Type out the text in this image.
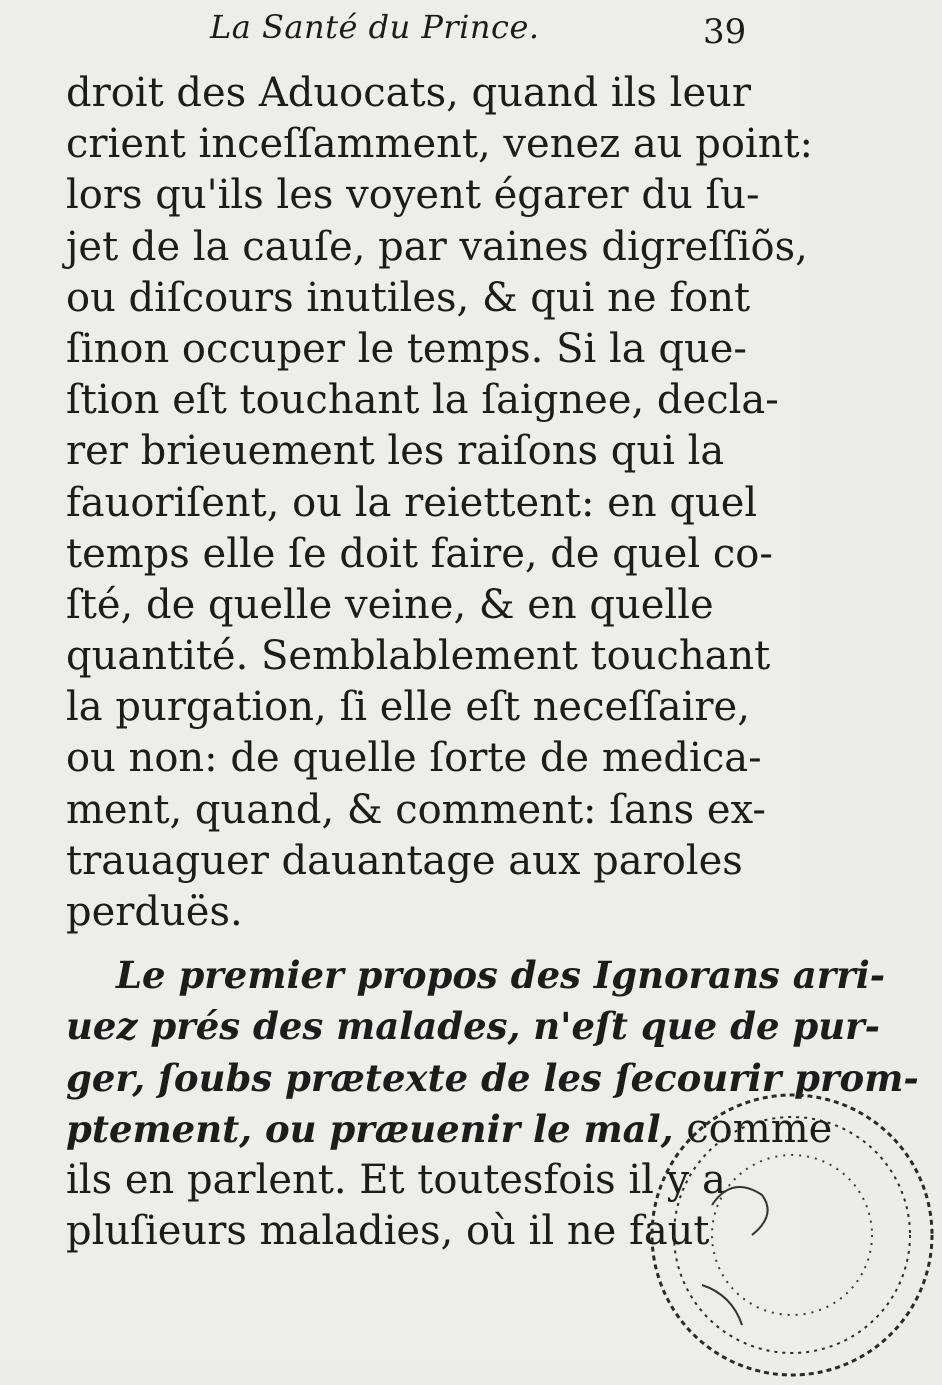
La Santé du Prince.	39
droit des Aduocats, quand ils leur
crient inceſſamment, venez au point:
lors qu'ils les voyent égarer du ſu-
jet de la cauſe, par vaines digreſſiõs,
ou diſcours inutiles, & qui ne font
ſinon occuper le temps. Si la que-
ſtion eſt touchant la ſaignee, decla-
rer brieuement les raiſons qui la
fauoriſent, ou la reiettent: en quel
temps elle ſe doit faire, de quel co-
ſté, de quelle veine, & en quelle
quantité. Semblablement touchant
la purgation, ſi elle eſt neceſſaire,
ou non: de quelle ſorte de medica-
ment, quand, & comment: ſans ex-
trauaguer dauantage aux paroles
perduës.
Le premier propos des Ignorans arri-
uez prés des malades, n'eſt que de pur-
ger, ſoubs prætexte de les ſecourir prom-
ptement, ou præuenir le mal, comme
ils en parlent. Et toutesfois il y a
pluſieurs maladies, où il ne faut
